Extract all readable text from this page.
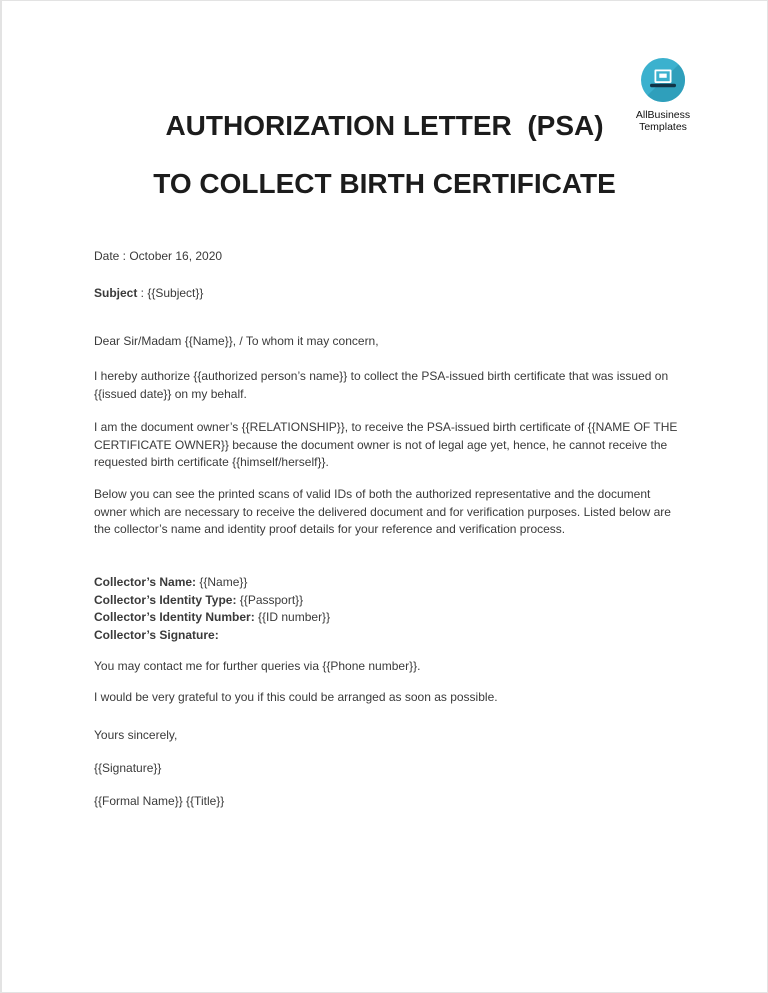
AllBusiness
Templates
AUTHORIZATION LETTER  (PSA)
TO COLLECT BIRTH CERTIFICATE
Date : October 16, 2020
Subject : {{Subject}}
Dear Sir/Madam {{Name}}, / To whom it may concern,
I hereby authorize {{authorized person’s name}} to collect the PSA-issued birth certificate that was issued on {{issued date}} on my behalf.
I am the document owner’s {{RELATIONSHIP}}, to receive the PSA-issued birth certificate of {{NAME OF THE CERTIFICATE OWNER}} because the document owner is not of legal age yet, hence, he cannot receive the requested birth certificate {{himself/herself}}.
Below you can see the printed scans of valid IDs of both the authorized representative and the document owner which are necessary to receive the delivered document and for verification purposes. Listed below are the collector’s name and identity proof details for your reference and verification process.
Collector’s Name: {{Name}}
Collector’s Identity Type: {{Passport}}
Collector’s Identity Number: {{ID number}}
Collector’s Signature:
You may contact me for further queries via {{Phone number}}.
I would be very grateful to you if this could be arranged as soon as possible.
Yours sincerely,
{{Signature}}
{{Formal Name}} {{Title}}
